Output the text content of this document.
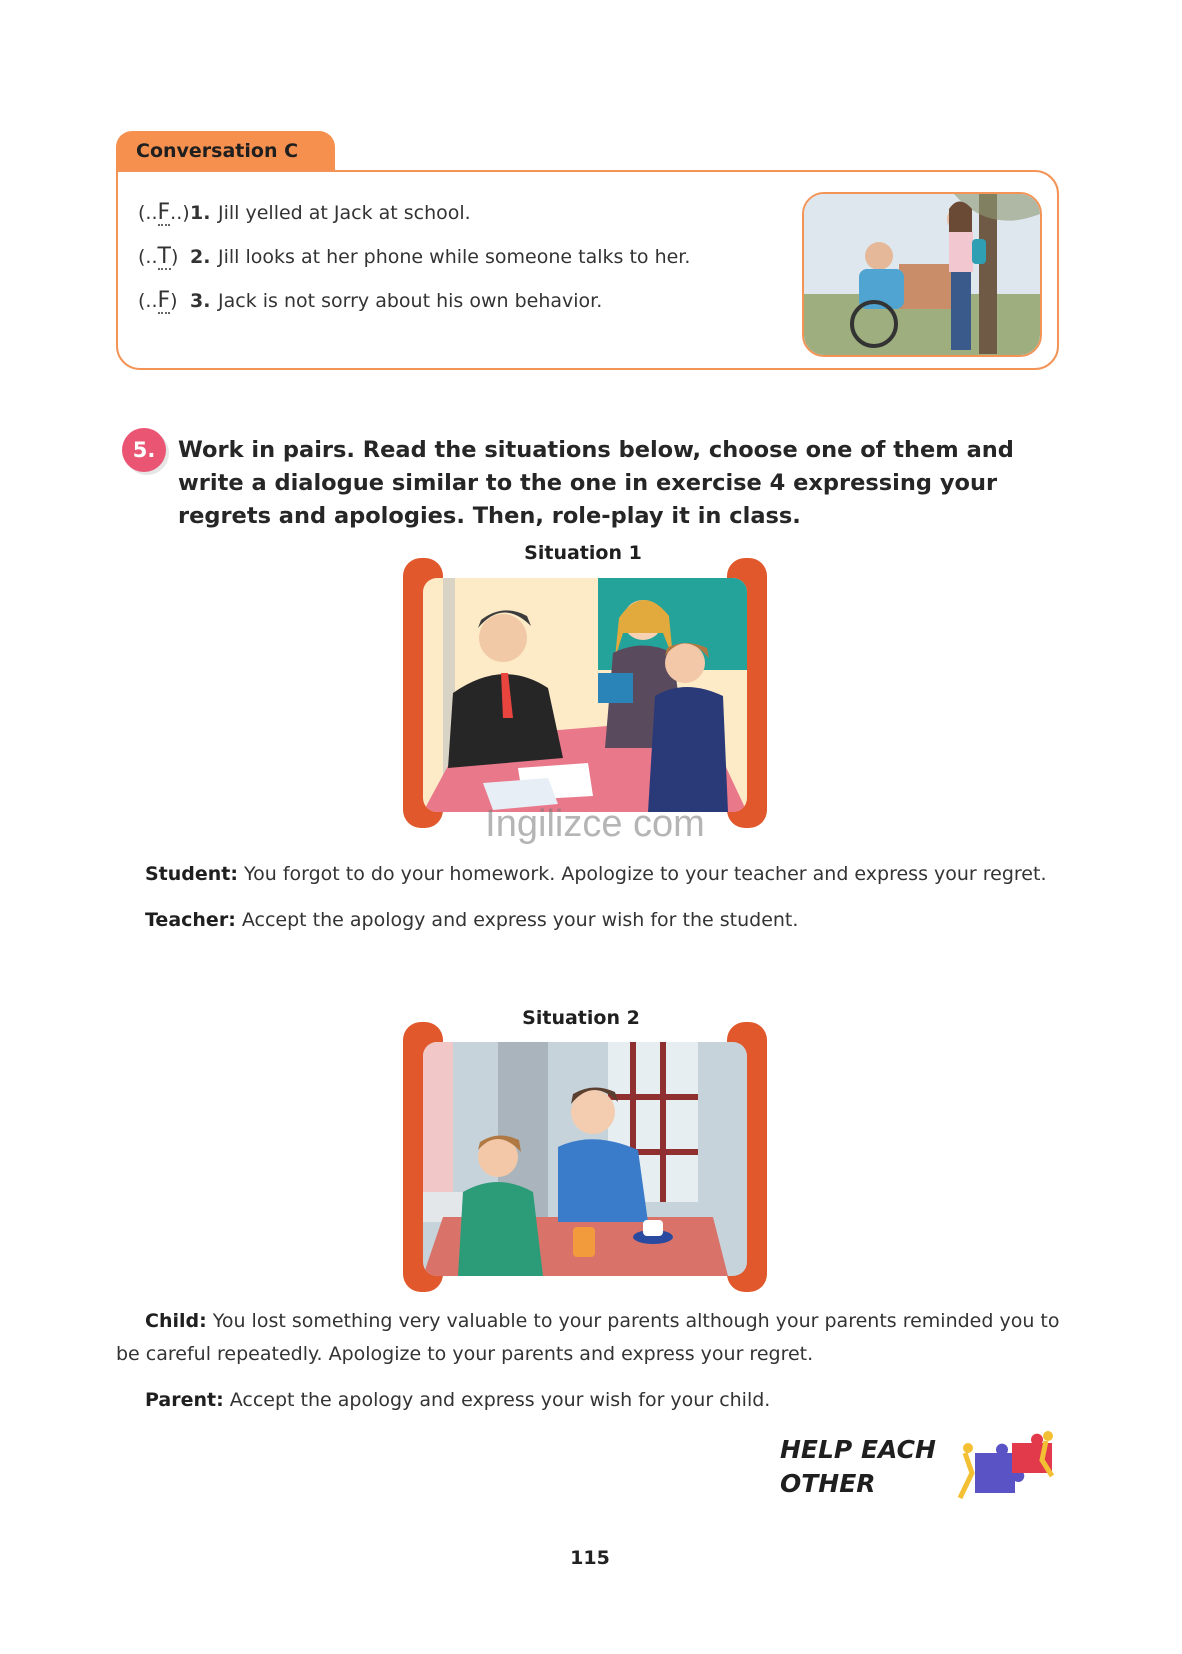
Conversation C
(..F..) 1. Jill yelled at Jack at school.
(..T) 2. Jill looks at her phone while someone talks to her.
(..F) 3. Jack is not sorry about his own behavior.
5.	Work in pairs. Read the situations below, choose one of them and write a dialogue similar to the one in exercise 4 expressing your regrets and apologies. Then, role-play it in class.
Situation 1
Ingilizce com
Student: You forgot to do your homework. Apologize to your teacher and express your regret.
Teacher: Accept the apology and express your wish for the student.
Situation 2
Child: You lost something very valuable to your parents although your parents reminded you to be careful repeatedly. Apologize to your parents and express your regret.
Parent: Accept the apology and express your wish for your child.
HELP EACH
OTHER
115
